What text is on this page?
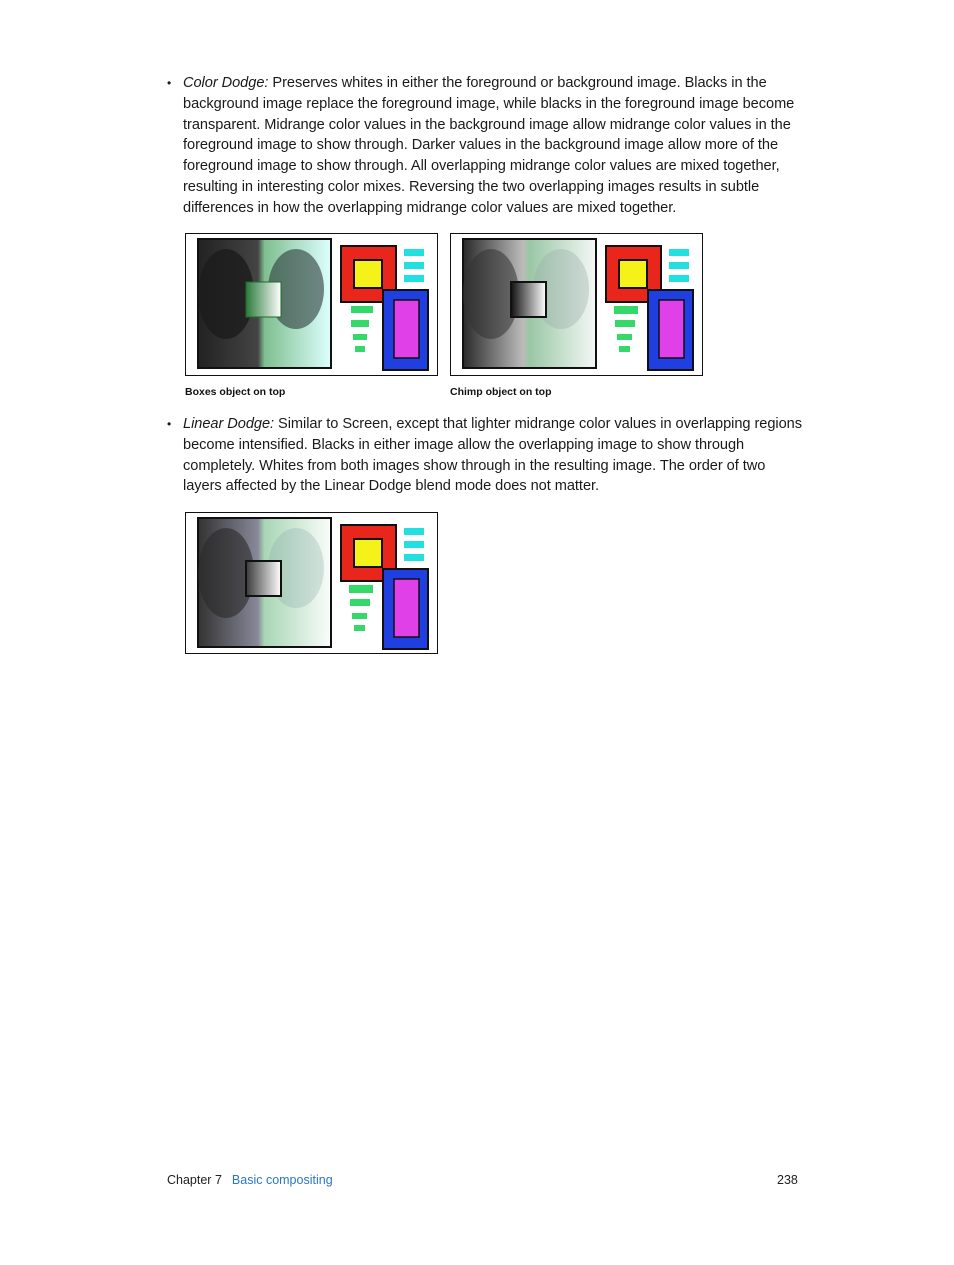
• Color Dodge: Preserves whites in either the foreground or background image. Blacks in the background image replace the foreground image, while blacks in the foreground image become transparent. Midrange color values in the background image allow midrange color values in the foreground image to show through. Darker values in the background image allow more of the foreground image to show through. All overlapping midrange color values are mixed together, resulting in interesting color mixes. Reversing the two overlapping images results in subtle differences in how the overlapping midrange color values are mixed together.
Boxes object on top	Chimp object on top
• Linear Dodge: Similar to Screen, except that lighter midrange color values in overlapping regions become intensified. Blacks in either image allow the overlapping image to show through completely. Whites from both images show through in the resulting image. The order of two layers affected by the Linear Dodge blend mode does not matter.
Chapter 7 Basic compositing	238
